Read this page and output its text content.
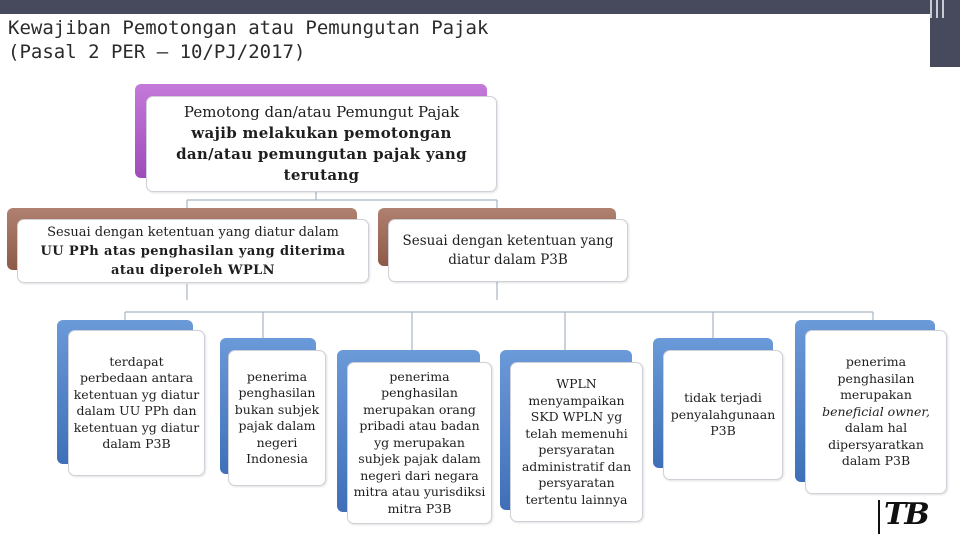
Kewajiban Pemotongan atau Pemungutan Pajak
(Pasal 2 PER – 10/PJ/2017)
Pemotong dan/atau Pemungut Pajak
wajib melakukan pemotongan
dan/atau pemungutan pajak yang
terutang
Sesuai dengan ketentuan yang diatur dalam
UU PPh atas penghasilan yang diterima
atau diperoleh WPLN
Sesuai dengan ketentuan yang
diatur dalam P3B
terdapat
perbedaan antara
ketentuan yg diatur
dalam UU PPh dan
ketentuan yg diatur
dalam P3B
penerima
penghasilan
bukan subjek
pajak dalam
negeri
Indonesia
penerima
penghasilan
merupakan orang
pribadi atau badan
yg merupakan
subjek pajak dalam
negeri dari negara
mitra atau yurisdiksi
mitra P3B
WPLN
menyampaikan
SKD WPLN yg
telah memenuhi
persyaratan
administratif dan
persyaratan
tertentu lainnya
tidak terjadi
penyalahgunaan
P3B
penerima
penghasilan
merupakan
beneficial owner,
dalam hal
dipersyaratkan
dalam P3B
TB
